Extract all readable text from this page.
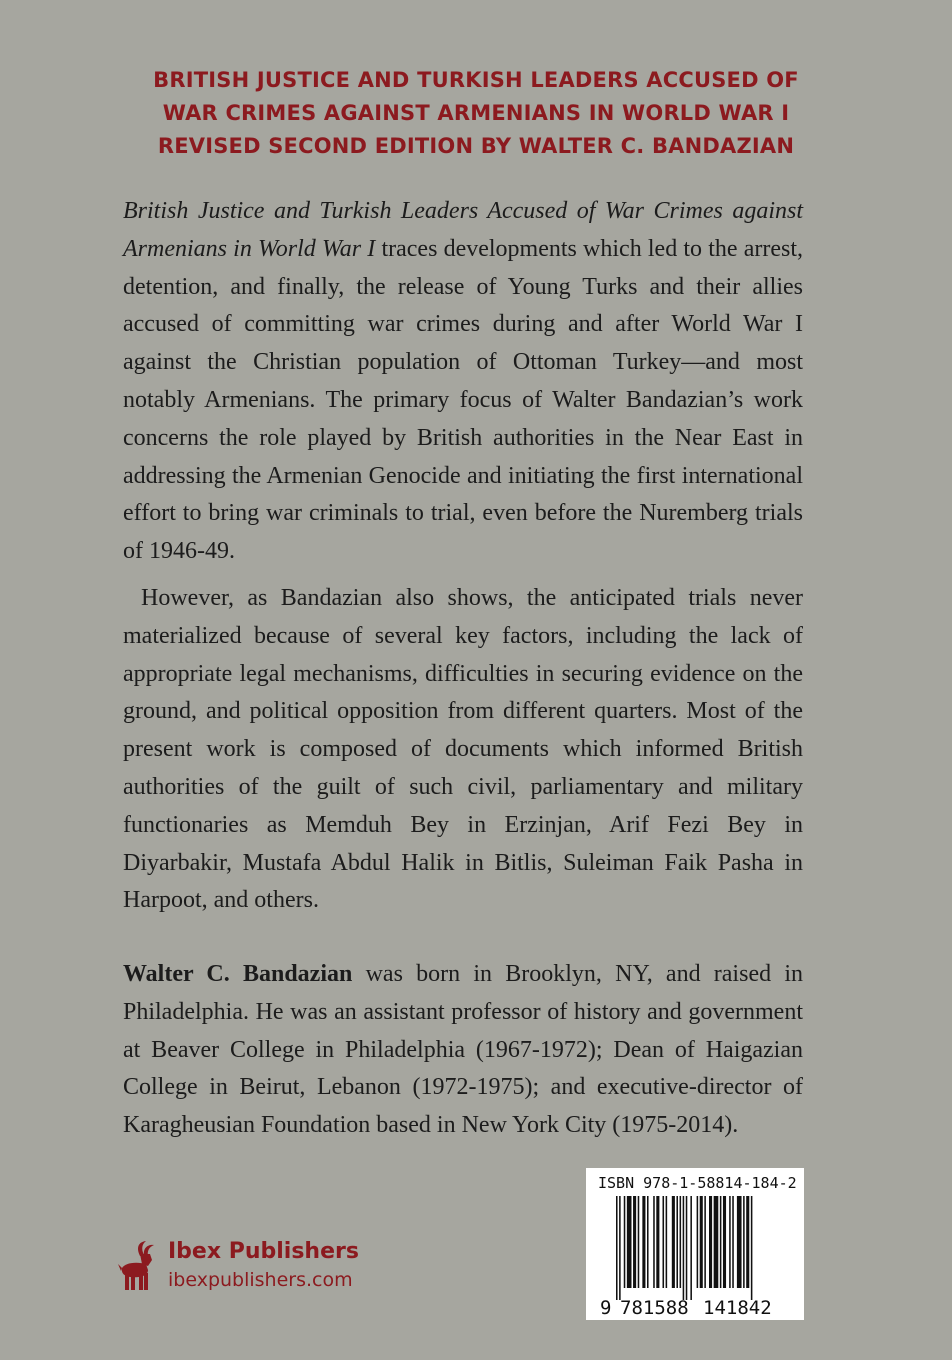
BRITISH JUSTICE AND TURKISH LEADERS ACCUSED OF
WAR CRIMES AGAINST ARMENIANS IN WORLD WAR I
REVISED SECOND EDITION BY WALTER C. BANDAZIAN

British Justice and Turkish Leaders Accused of War Crimes against Armenians in World War I traces developments which led to the arrest, detention, and finally, the release of Young Turks and their allies accused of committing war crimes during and after World War I against the Christian population of Ottoman Turkey—and most notably Armenians. The primary focus of Walter Bandazian’s work concerns the role played by British authorities in the Near East in addressing the Armenian Genocide and initiating the first international effort to bring war criminals to trial, even before the Nuremberg trials of 1946-49.

However, as Bandazian also shows, the anticipated trials never materialized because of several key factors, including the lack of appropriate legal mechanisms, difficulties in securing evidence on the ground, and political opposition from different quarters. Most of the present work is composed of documents which informed British authorities of the guilt of such civil, parliamentary and military functionaries as Memduh Bey in Erzinjan, Arif Fezi Bey in Diyarbakir, Mustafa Abdul Halik in Bitlis, Suleiman Faik Pasha in Harpoot, and others.

Walter C. Bandazian was born in Brooklyn, NY, and raised in Philadelphia. He was an assistant professor of history and government at Beaver College in Philadelphia (1967-1972); Dean of Haigazian College in Beirut, Lebanon (1972-1975); and executive-director of Karagheusian Foundation based in New York City (1975-2014).

Ibex Publishers
ibexpublishers.com
9 781588 141842
ISBN 978-1-58814-184-2
